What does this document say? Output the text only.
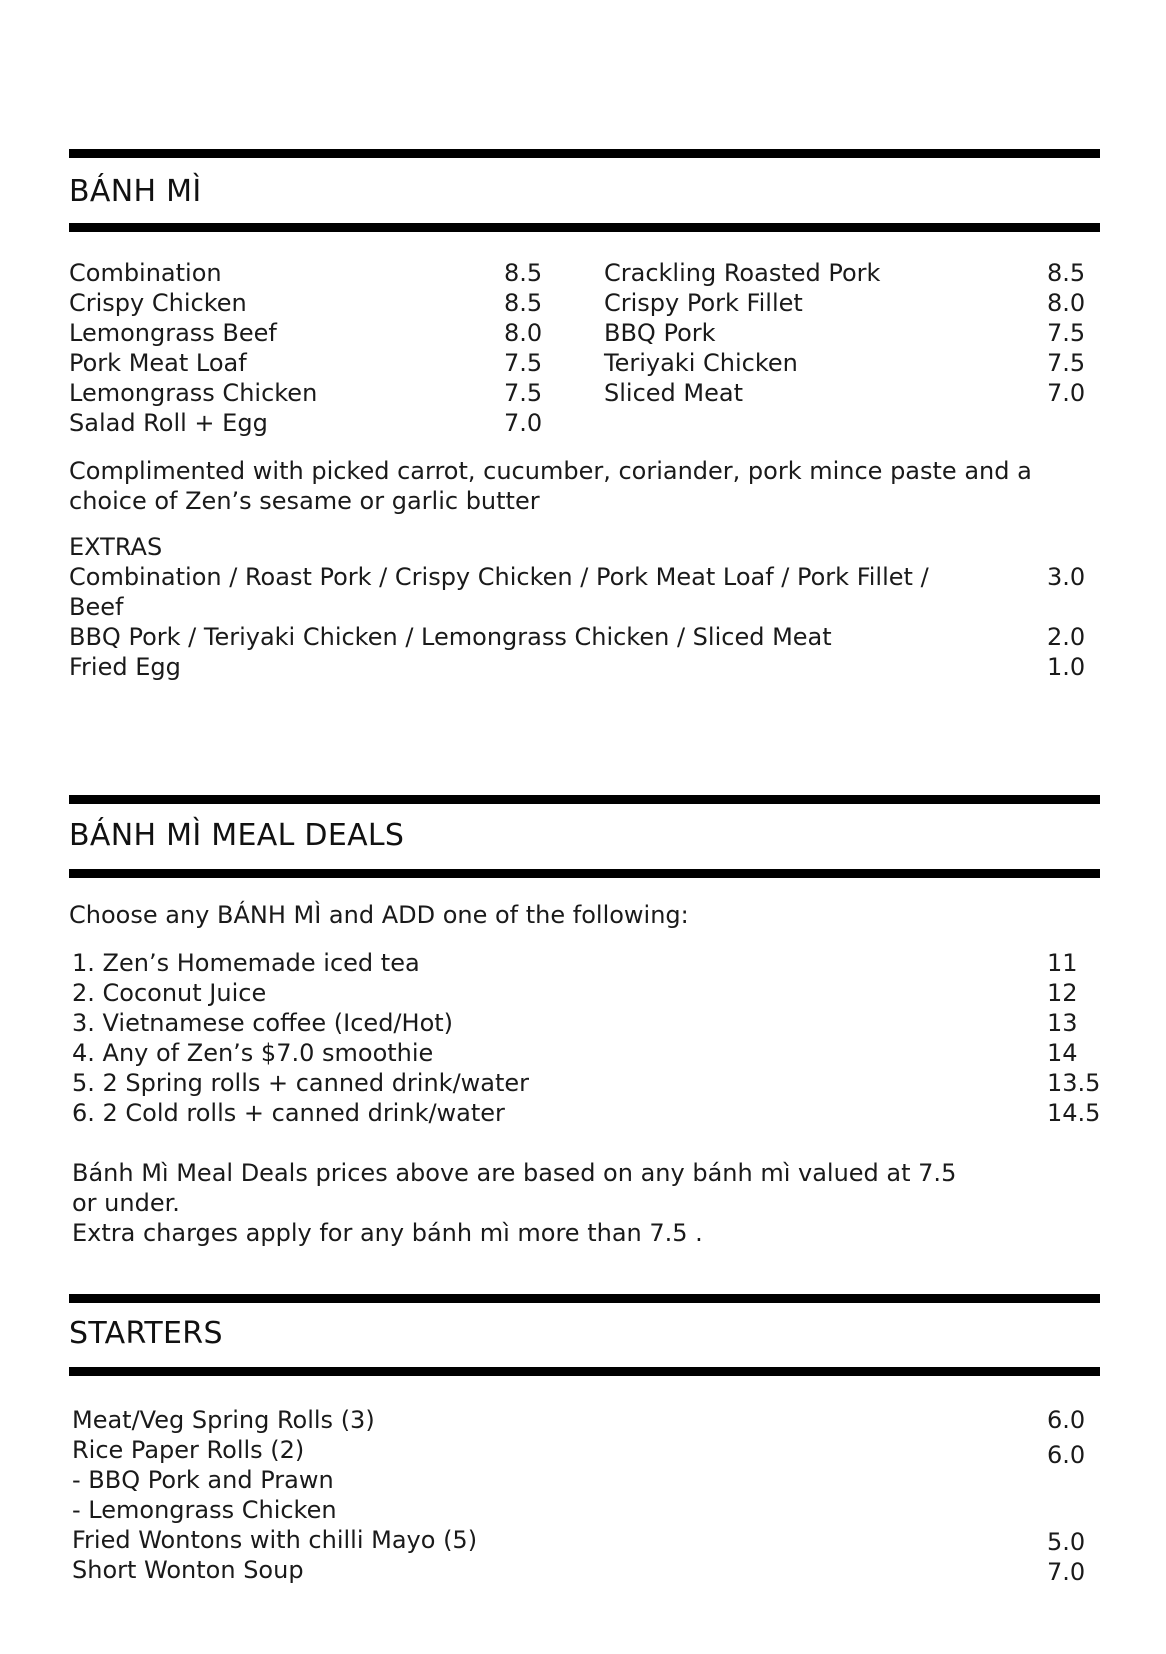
BÁNH MÌ
Combination	8.5
Crispy Chicken	8.5
Lemongrass Beef	8.0
Pork Meat Loaf	7.5
Lemongrass Chicken	7.5
Salad Roll + Egg	7.0
Crackling Roasted Pork	8.5
Crispy Pork Fillet	8.0
BBQ Pork	7.5
Teriyaki Chicken	7.5
Sliced Meat	7.0
Complimented with picked carrot, cucumber, coriander, pork mince paste and a
choice of Zen’s sesame or garlic butter
EXTRAS
Combination / Roast Pork / Crispy Chicken / Pork Meat Loaf / Pork Fillet /	3.0
Beef
BBQ Pork / Teriyaki Chicken / Lemongrass Chicken / Sliced Meat	2.0
Fried Egg	1.0
BÁNH MÌ MEAL DEALS
Choose any BÁNH MÌ and ADD one of the following:
1. Zen’s Homemade iced tea	11
2. Coconut Juice	12
3. Vietnamese coffee (Iced/Hot)	13
4. Any of Zen’s $7.0 smoothie	14
5. 2 Spring rolls + canned drink/water	13.5
6. 2 Cold rolls + canned drink/water	14.5
Bánh Mì Meal Deals prices above are based on any bánh mì valued at 7.5
or under.
Extra charges apply for any bánh mì more than 7.5 .
STARTERS
Meat/Veg Spring Rolls (3)	6.0
Rice Paper Rolls (2)	6.0
- BBQ Pork and Prawn
- Lemongrass Chicken
Fried Wontons with chilli Mayo (5)	5.0
Short Wonton Soup	7.0
